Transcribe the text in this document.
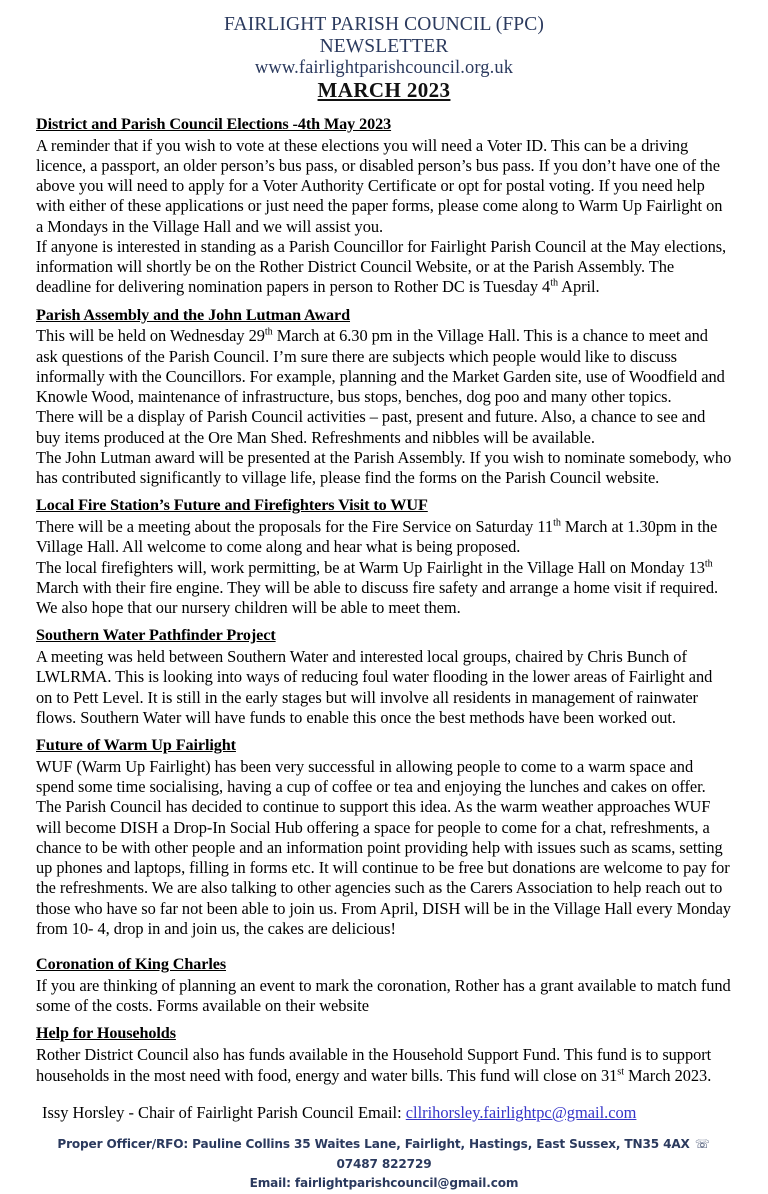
FAIRLIGHT PARISH COUNCIL (FPC)
NEWSLETTER
www.fairlightparishcouncil.org.uk
MARCH 2023
District and Parish Council Elections -4th May 2023

A reminder that if you wish to vote at these elections you will need a Voter ID. This can be a driving licence, a passport, an older person’s bus pass, or disabled person’s bus pass. If you don’t have one of the above you will need to apply for a Voter Authority Certificate or opt for postal voting. If you need help with either of these applications or just need the paper forms, please come along to Warm Up Fairlight on a Mondays in the Village Hall and we will assist you.

If anyone is interested in standing as a Parish Councillor for Fairlight Parish Council at the May elections, information will shortly be on the Rother District Council Website, or at the Parish Assembly. The deadline for delivering nomination papers in person to Rother DC is Tuesday 4th April.

Parish Assembly and the John Lutman Award

This will be held on Wednesday 29th March at 6.30 pm in the Village Hall. This is a chance to meet and ask questions of the Parish Council. I’m sure there are subjects which people would like to discuss informally with the Councillors. For example, planning and the Market Garden site, use of Woodfield and Knowle Wood, maintenance of infrastructure, bus stops, benches, dog poo and many other topics.

There will be a display of Parish Council activities – past, present and future. Also, a chance to see and buy items produced at the Ore Man Shed. Refreshments and nibbles will be available.

The John Lutman award will be presented at the Parish Assembly. If you wish to nominate somebody, who has contributed significantly to village life, please find the forms on the Parish Council website.

Local Fire Station’s Future and Firefighters Visit to WUF

There will be a meeting about the proposals for the Fire Service on Saturday 11th March at 1.30pm in the Village Hall. All welcome to come along and hear what is being proposed.

The local firefighters will, work permitting, be at Warm Up Fairlight in the Village Hall on Monday 13th March with their fire engine. They will be able to discuss fire safety and arrange a home visit if required. We also hope that our nursery children will be able to meet them.

Southern Water Pathfinder Project

A meeting was held between Southern Water and interested local groups, chaired by Chris Bunch of LWLRMA. This is looking into ways of reducing foul water flooding in the lower areas of Fairlight and on to Pett Level. It is still in the early stages but will involve all residents in management of rainwater flows. Southern Water will have funds to enable this once the best methods have been worked out.

Future of Warm Up Fairlight

WUF (Warm Up Fairlight) has been very successful in allowing people to come to a warm space and spend some time socialising, having a cup of coffee or tea and enjoying the lunches and cakes on offer. The Parish Council has decided to continue to support this idea. As the warm weather approaches WUF will become DISH a Drop-In Social Hub offering a space for people to come for a chat, refreshments, a chance to be with other people and an information point providing help with issues such as scams, setting up phones and laptops, filling in forms etc. It will continue to be free but donations are welcome to pay for the refreshments. We are also talking to other agencies such as the Carers Association to help reach out to those who have so far not been able to join us. From April, DISH will be in the Village Hall every Monday from 10- 4, drop in and join us, the cakes are delicious!

Coronation of King Charles

If you are thinking of planning an event to mark the coronation, Rother has a grant available to match fund some of the costs. Forms available on their website

Help for Households

Rother District Council also has funds available in the Household Support Fund. This fund is to support households in the most need with food, energy and water bills. This fund will close on 31st March 2023.

Issy Horsley - Chair of Fairlight Parish Council Email: cllrihorsley.fairlightpc@gmail.com
Proper Officer/RFO: Pauline Collins 35 Waites Lane, Fairlight, Hastings, East Sussex, TN35 4AX ☏ 07487 822729
Email: fairlightparishcouncil@gmail.com
